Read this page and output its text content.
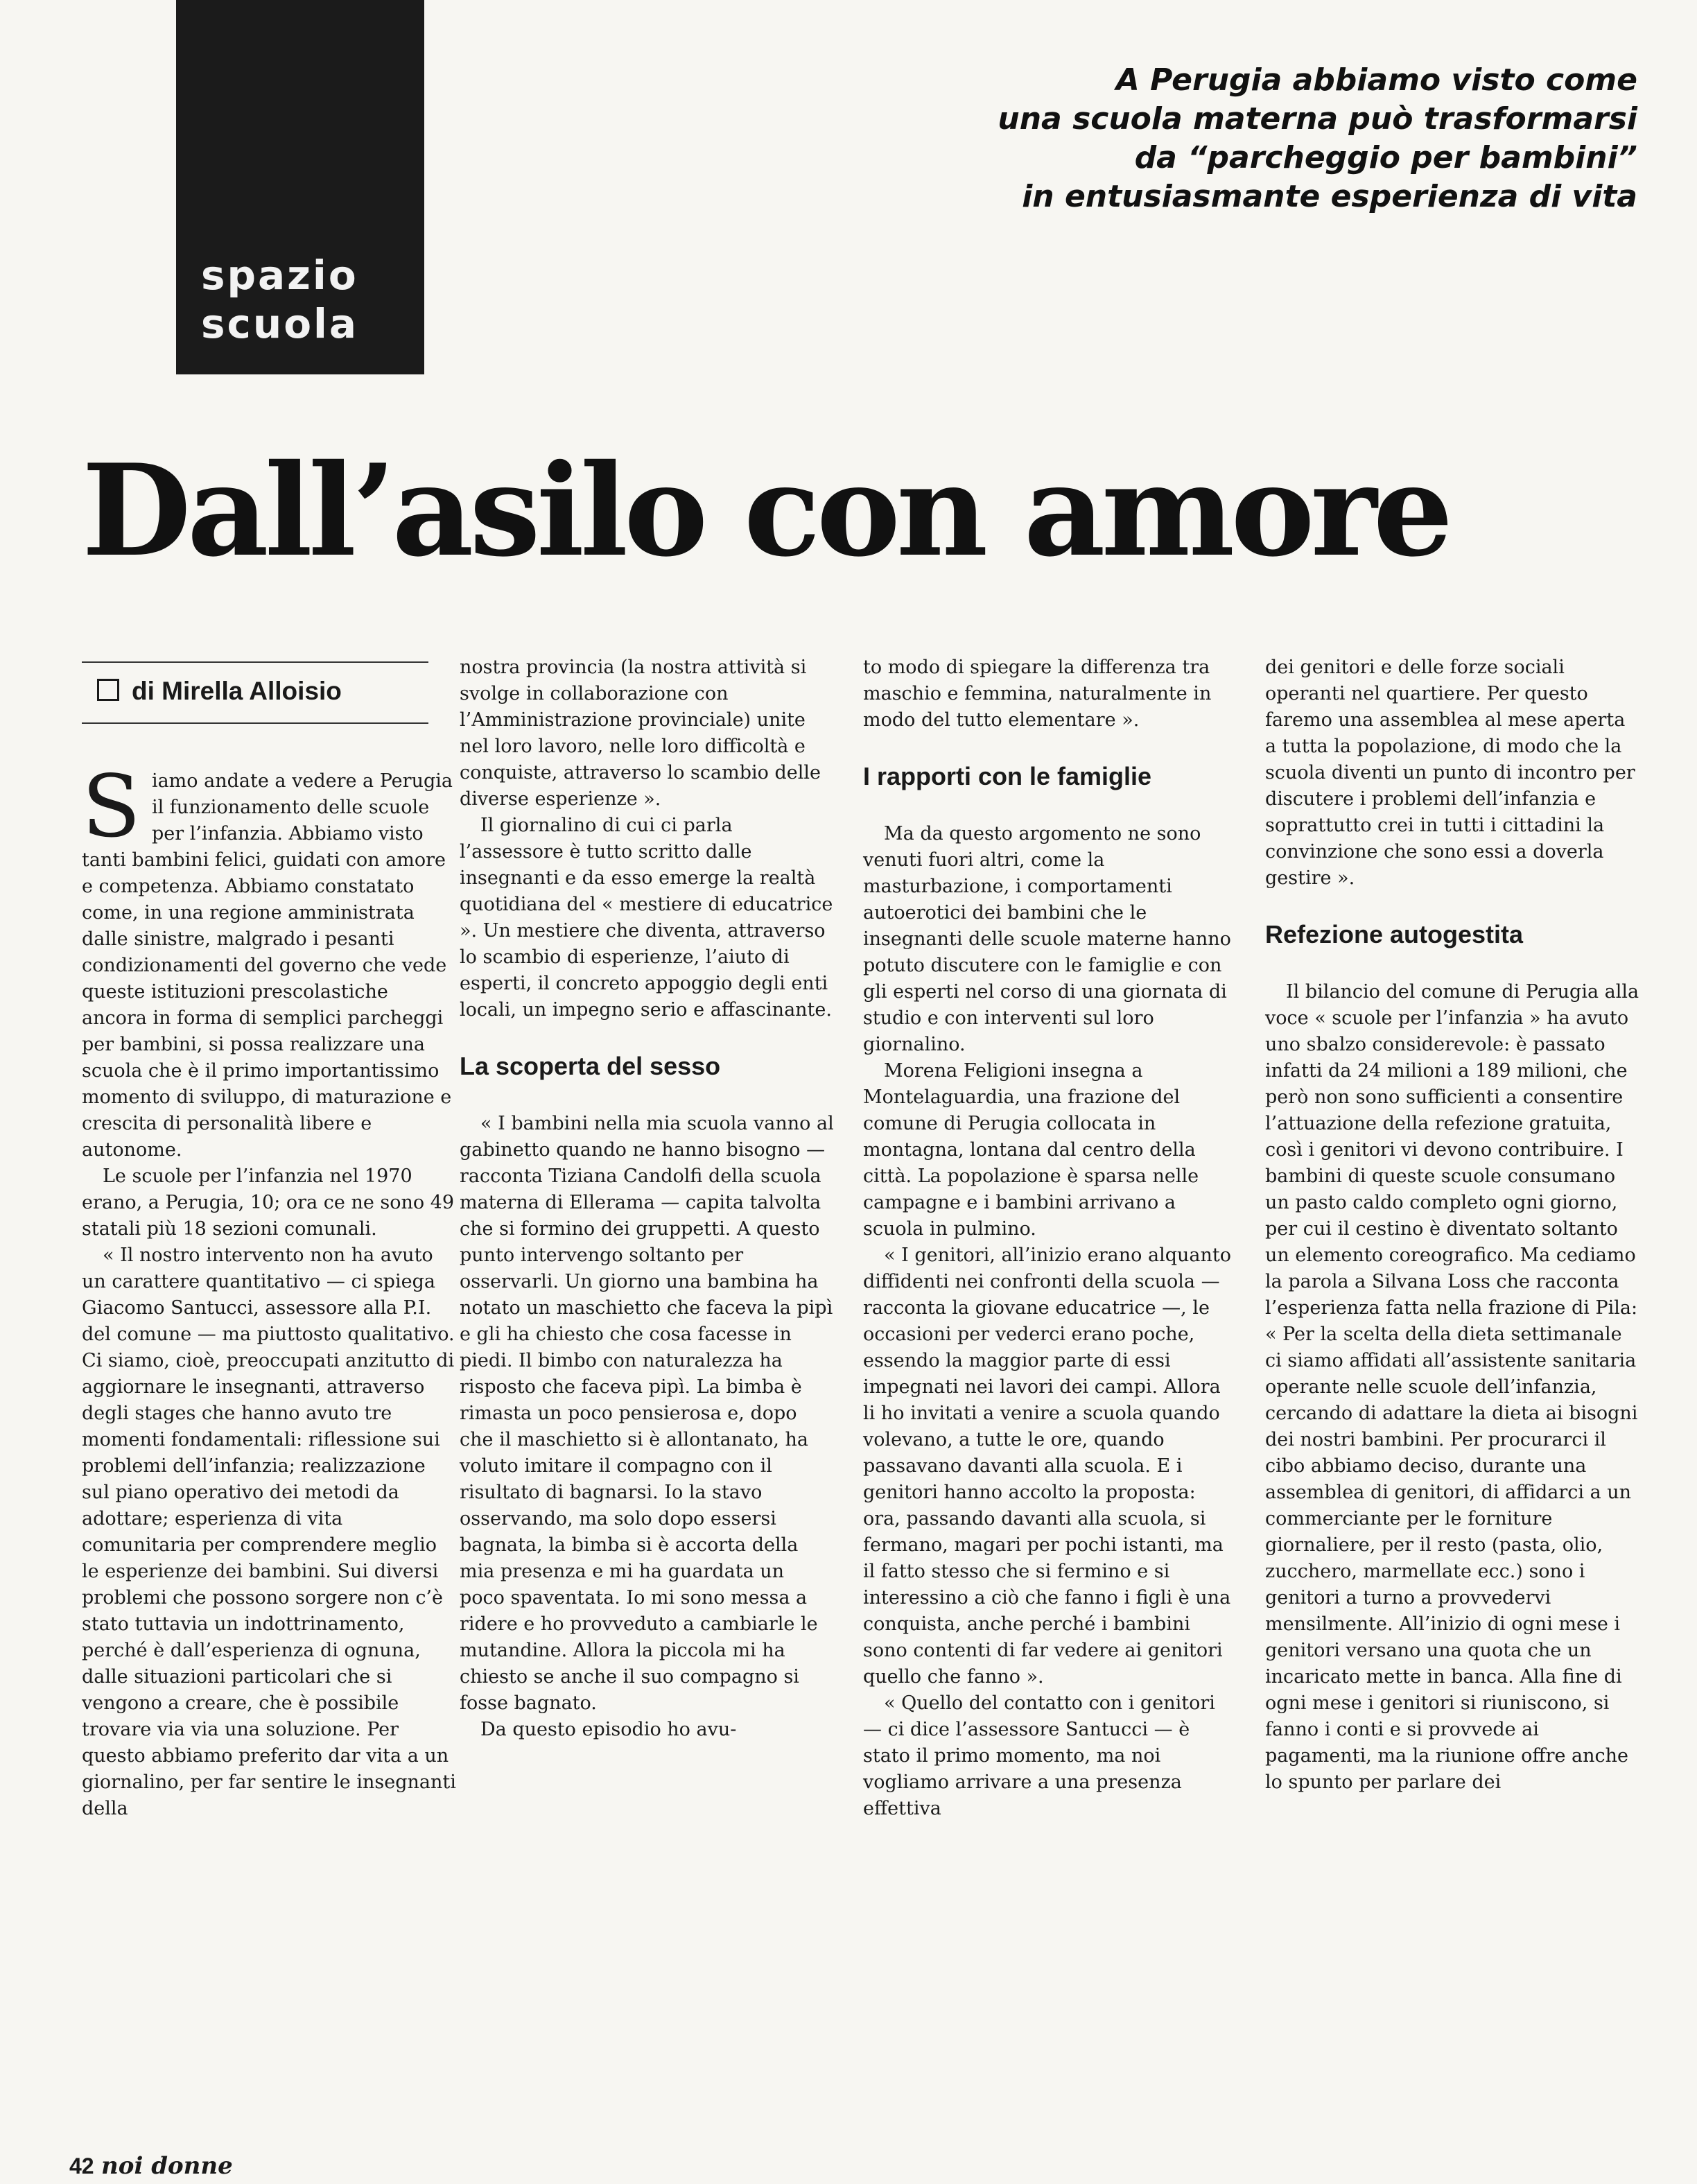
spazio
scuola
A Perugia abbiamo visto come
una scuola materna può trasformarsi
da “parcheggio per bambini”
in entusiasmante esperienza di vita
Dall’asilo con amore
di Mirella Alloisio

Siamo andate a vedere a Perugia il funzionamento delle scuole per l’infanzia. Abbiamo visto tanti bambini felici, guidati con amore e competenza. Abbiamo constatato come, in una regione amministrata dalle sinistre, malgrado i pesanti condizionamenti del governo che vede queste istituzioni prescolastiche ancora in forma di semplici parcheggi per bambini, si possa realizzare una scuola che è il primo importantissimo momento di sviluppo, di maturazione e crescita di personalità libere e autonome.

Le scuole per l’infanzia nel 1970 erano, a Perugia, 10; ora ce ne sono 49 statali più 18 sezioni comunali.

« Il nostro intervento non ha avuto un carattere quantitativo — ci spiega Giacomo Santucci, assessore alla P.I. del comune — ma piuttosto qualitativo. Ci siamo, cioè, preoccupati anzitutto di aggiornare le insegnanti, attraverso degli stages che hanno avuto tre momenti fondamentali: riflessione sui problemi dell’infanzia; realizzazione sul piano operativo dei metodi da adottare; esperienza di vita comunitaria per comprendere meglio le esperienze dei bambini. Sui diversi problemi che possono sorgere non c’è stato tuttavia un indottrinamento, perché è dall’esperienza di ognuna, dalle situazioni particolari che si vengono a creare, che è possibile trovare via via una soluzione. Per questo abbiamo preferito dar vita a un giornalino, per far sentire le insegnanti della

nostra provincia (la nostra attività si svolge in collaborazione con l’Amministrazione provinciale) unite nel loro lavoro, nelle loro difficoltà e conquiste, attraverso lo scambio delle diverse esperienze ».

Il giornalino di cui ci parla l’assessore è tutto scritto dalle insegnanti e da esso emerge la realtà quotidiana del « mestiere di educatrice ». Un mestiere che diventa, attraverso lo scambio di esperienze, l’aiuto di esperti, il concreto appoggio degli enti locali, un impegno serio e affascinante.

La scoperta del sesso

« I bambini nella mia scuola vanno al gabinetto quando ne hanno bisogno — racconta Tiziana Candolfi della scuola materna di Ellerama — capita talvolta che si formino dei gruppetti. A questo punto intervengo soltanto per osservarli. Un giorno una bambina ha notato un maschietto che faceva la pipì e gli ha chiesto che cosa facesse in piedi. Il bimbo con naturalezza ha risposto che faceva pipì. La bimba è rimasta un poco pensierosa e, dopo che il maschietto si è allontanato, ha voluto imitare il compagno con il risultato di bagnarsi. Io la stavo osservando, ma solo dopo essersi bagnata, la bimba si è accorta della mia presenza e mi ha guardata un poco spaventata. Io mi sono messa a ridere e ho provveduto a cambiarle le mutandine. Allora la piccola mi ha chiesto se anche il suo compagno si fosse bagnato.

Da questo episodio ho avu-

to modo di spiegare la differenza tra maschio e femmina, naturalmente in modo del tutto elementare ».

I rapporti con le famiglie

Ma da questo argomento ne sono venuti fuori altri, come la masturbazione, i comportamenti autoerotici dei bambini che le insegnanti delle scuole materne hanno potuto discutere con le famiglie e con gli esperti nel corso di una giornata di studio e con interventi sul loro giornalino.

Morena Feligioni insegna a Montelaguardia, una frazione del comune di Perugia collocata in montagna, lontana dal centro della città. La popolazione è sparsa nelle campagne e i bambini arrivano a scuola in pulmino.

« I genitori, all’inizio erano alquanto diffidenti nei confronti della scuola — racconta la giovane educatrice —, le occasioni per vederci erano poche, essendo la maggior parte di essi impegnati nei lavori dei campi. Allora li ho invitati a venire a scuola quando volevano, a tutte le ore, quando passavano davanti alla scuola. E i genitori hanno accolto la proposta: ora, passando davanti alla scuola, si fermano, magari per pochi istanti, ma il fatto stesso che si fermino e si interessino a ciò che fanno i figli è una conquista, anche perché i bambini sono contenti di far vedere ai genitori quello che fanno ».

« Quello del contatto con i genitori — ci dice l’assessore Santucci — è stato il primo momento, ma noi vogliamo arrivare a una presenza effettiva

dei genitori e delle forze sociali operanti nel quartiere. Per questo faremo una assemblea al mese aperta a tutta la popolazione, di modo che la scuola diventi un punto di incontro per discutere i problemi dell’infanzia e soprattutto crei in tutti i cittadini la convinzione che sono essi a doverla gestire ».

Refezione autogestita

Il bilancio del comune di Perugia alla voce « scuole per l’infanzia » ha avuto uno sbalzo considerevole: è passato infatti da 24 milioni a 189 milioni, che però non sono sufficienti a consentire l’attuazione della refezione gratuita, così i genitori vi devono contribuire. I bambini di queste scuole consumano un pasto caldo completo ogni giorno, per cui il cestino è diventato soltanto un elemento coreografico. Ma cediamo la parola a Silvana Loss che racconta l’esperienza fatta nella frazione di Pila: « Per la scelta della dieta settimanale ci siamo affidati all’assistente sanitaria operante nelle scuole dell’infanzia, cercando di adattare la dieta ai bisogni dei nostri bambini. Per procurarci il cibo abbiamo deciso, durante una assemblea di genitori, di affidarci a un commerciante per le forniture giornaliere, per il resto (pasta, olio, zucchero, marmellate ecc.) sono i genitori a turno a provvedervi mensilmente. All’inizio di ogni mese i genitori versano una quota che un incaricato mette in banca. Alla fine di ogni mese i genitori si riuniscono, si fanno i conti e si provvede ai pagamenti, ma la riunione offre anche lo spunto per parlare dei

42 noi donne
